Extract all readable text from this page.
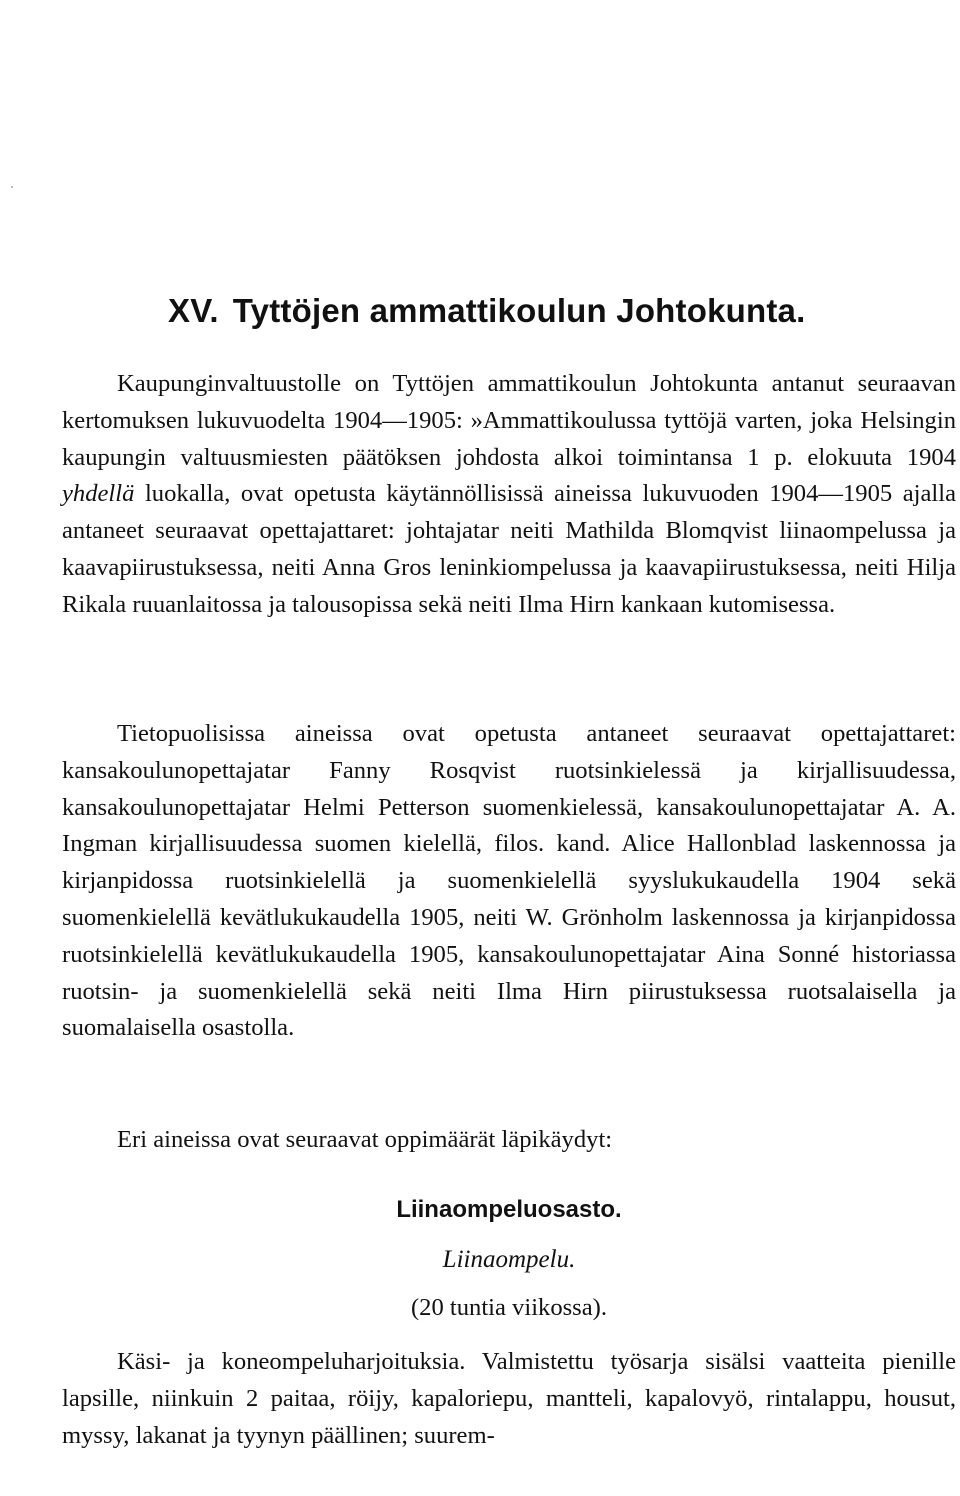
XV. Tyttöjen ammattikoulun Johtokunta.

Kaupunginvaltuustolle on Tyttöjen ammattikoulun Johtokunta antanut seuraavan kertomuksen lukuvuodelta 1904—1905: »Ammattikoulussa tyttöjä varten, joka Helsingin kaupungin valtuusmiesten päätöksen johdosta alkoi toimintansa 1 p. elokuuta 1904 yhdellä luokalla, ovat opetusta käytännöllisissä aineissa lukuvuoden 1904—1905 ajalla antaneet seuraavat opettajattaret: johtajatar neiti Mathilda Blomqvist liinaompelussa ja kaavapiirustuksessa, neiti Anna Gros leninkiompelussa ja kaavapiirustuksessa, neiti Hilja Rikala ruuanlaitossa ja talousopissa sekä neiti Ilma Hirn kankaan kutomisessa.

Tietopuolisissa aineissa ovat opetusta antaneet seuraavat opettajattaret: kansakoulunopettajatar Fanny Rosqvist ruotsinkielessä ja kirjallisuudessa, kansakoulunopettajatar Helmi Petterson suomenkielessä, kansakoulunopettajatar A. A. Ingman kirjallisuudessa suomen kielellä, filos. kand. Alice Hallonblad laskennossa ja kirjanpidossa ruotsinkielellä ja suomenkielellä syyslukukaudella 1904 sekä suomenkielellä kevätlukukaudella 1905, neiti W. Grönholm laskennossa ja kirjanpidossa ruotsinkielellä kevätlukukaudella 1905, kansakoulunopettajatar Aina Sonné historiassa ruotsin- ja suomenkielellä sekä neiti Ilma Hirn piirustuksessa ruotsalaisella ja suomalaisella osastolla.

Eri aineissa ovat seuraavat oppimäärät läpikäydyt:

Liinaompeluosasto.

Liinaompelu.

(20 tuntia viikossa).

Käsi- ja koneompeluharjoituksia. Valmistettu työsarja sisälsi vaatteita pienille lapsille, niinkuin 2 paitaa, röijy, kapaloriepu, mantteli, kapalovyö, rintalappu, housut, myssy, lakanat ja tyynyn päällinen; suurem-
